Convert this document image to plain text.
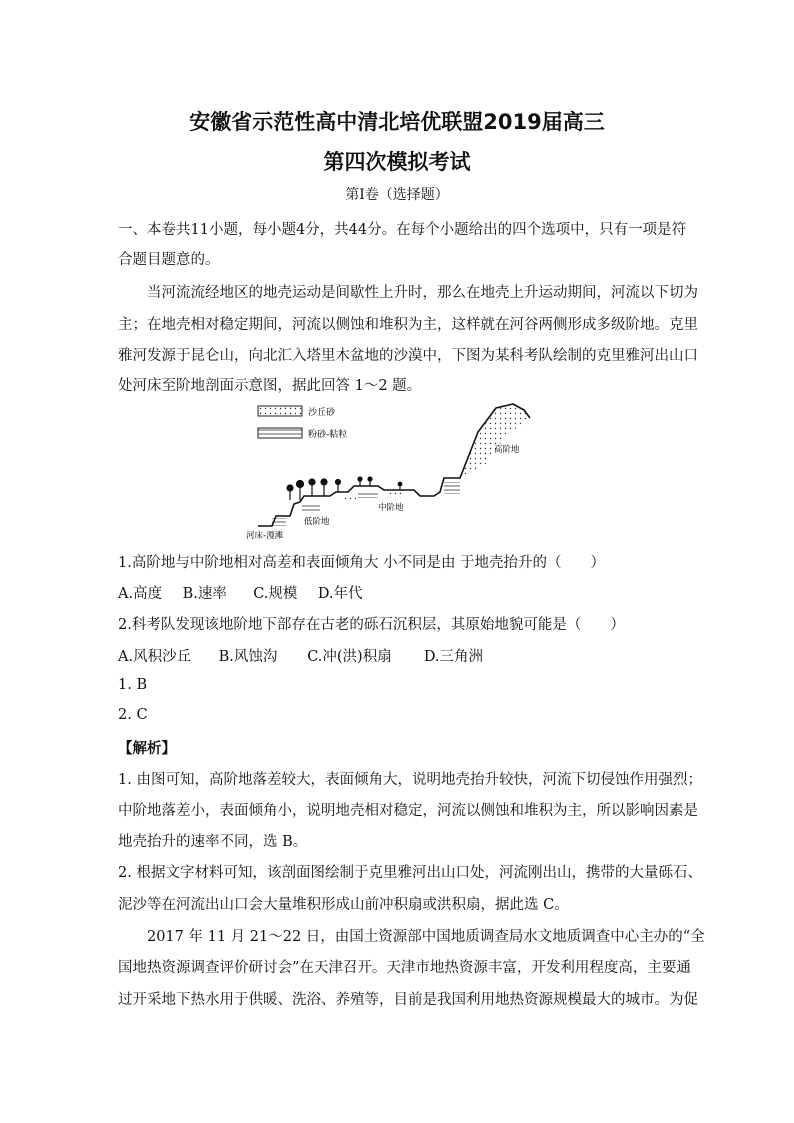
安徽省示范性高中清北培优联盟2019届高三
第四次模拟考试
第Ⅰ卷（选择题）
一、本卷共11小题，每小题4分，共44分。在每个小题给出的四个选项中，只有一项是符
合题目题意的。
当河流流经地区的地壳运动是间歇性上升时，那么在地壳上升运动期间，河流以下切为
主；在地壳相对稳定期间，河流以侧蚀和堆积为主，这样就在河谷两侧形成多级阶地。克里
雅河发源于昆仑山，向北汇入塔里木盆地的沙漠中，下图为某科考队绘制的克里雅河出山口
处河床至阶地剖面示意图，据此回答 1～2 题。
沙丘砂
粉砂-粘粒
高阶地
中阶地
低阶地
河床-漫滩
1.高阶地与中阶地相对高差和表面倾角大 小不同是由 于地壳抬升的（　　）
A.高度 B.速率 C.规模 D.年代
2.科考队发现该地阶地下部存在古老的砾石沉积层，其原始地貌可能是（　　）
A.风积沙丘 B.风蚀沟 C.冲(洪)积扇 D.三角洲
1. B
2. C
【解析】
1. 由图可知，高阶地落差较大，表面倾角大，说明地壳抬升较快，河流下切侵蚀作用强烈；
中阶地落差小，表面倾角小，说明地壳相对稳定，河流以侧蚀和堆积为主，所以影响因素是
地壳抬升的速率不同，选 B。
2. 根据文字材料可知，该剖面图绘制于克里雅河出山口处，河流刚出山，携带的大量砾石、
泥沙等在河流出山口会大量堆积形成山前冲积扇或洪积扇，据此选 C。
2017 年 11 月 21～22 日，由国土资源部中国地质调查局水文地质调查中心主办的“全
国地热资源调查评价研讨会”在天津召开。天津市地热资源丰富，开发利用程度高，主要通
过开采地下热水用于供暖、洗浴、养殖等，目前是我国利用地热资源规模最大的城市。为促
